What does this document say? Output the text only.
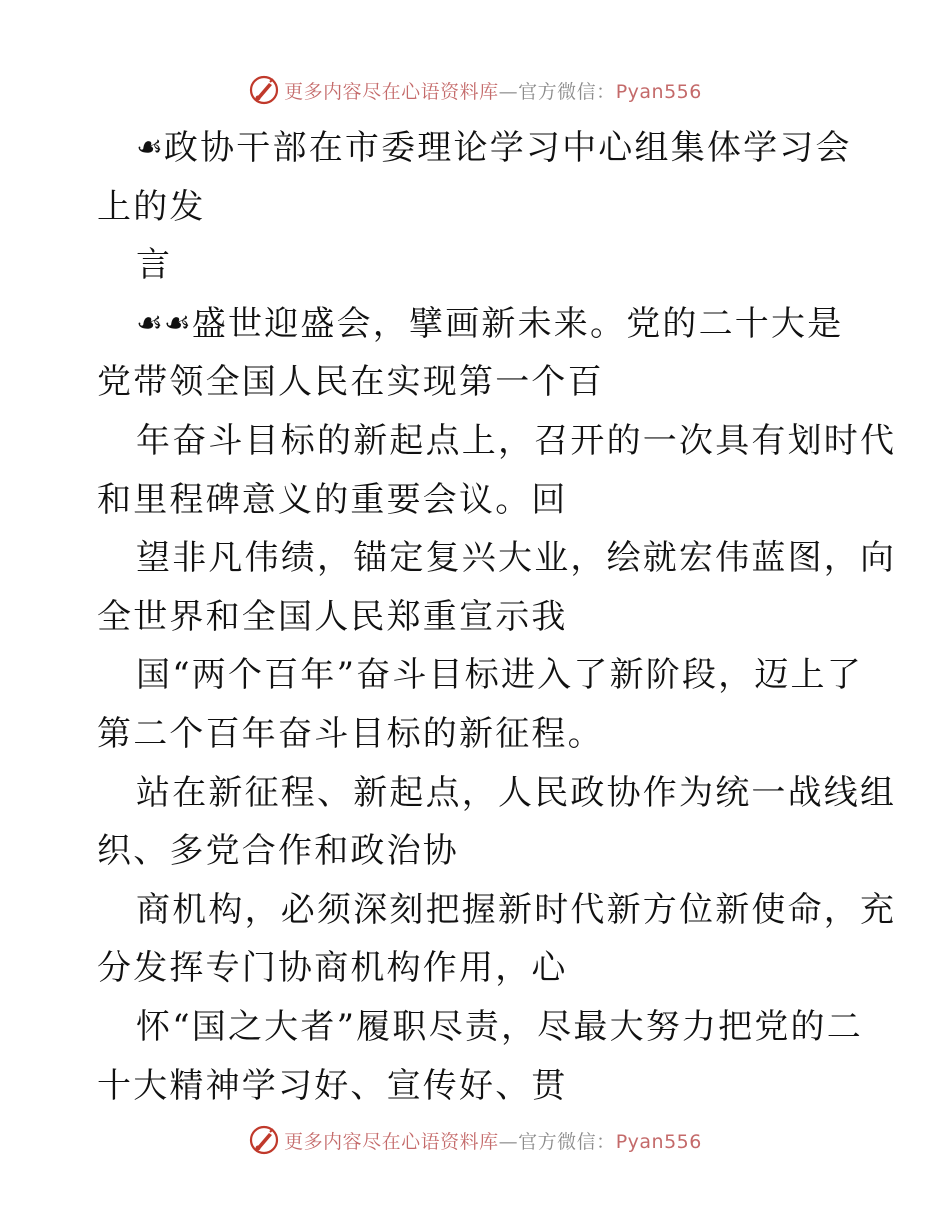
更多内容尽在心语资料库—官方微信：Pyan556
☙政协干部在市委理论学习中心组集体学习会
上的发
言
☙☙盛世迎盛会，擘画新未来。党的二十大是
党带领全国人民在实现第一个百
年奋斗目标的新起点上，召开的一次具有划时代
和里程碑意义的重要会议。回
望非凡伟绩，锚定复兴大业，绘就宏伟蓝图，向
全世界和全国人民郑重宣示我
国“两个百年”奋斗目标进入了新阶段，迈上了
第二个百年奋斗目标的新征程。
站在新征程、新起点，人民政协作为统一战线组
织、多党合作和政治协
商机构，必须深刻把握新时代新方位新使命，充
分发挥专门协商机构作用，心
怀“国之大者”履职尽责，尽最大努力把党的二
十大精神学习好、宣传好、贯
更多内容尽在心语资料库—官方微信：Pyan556
